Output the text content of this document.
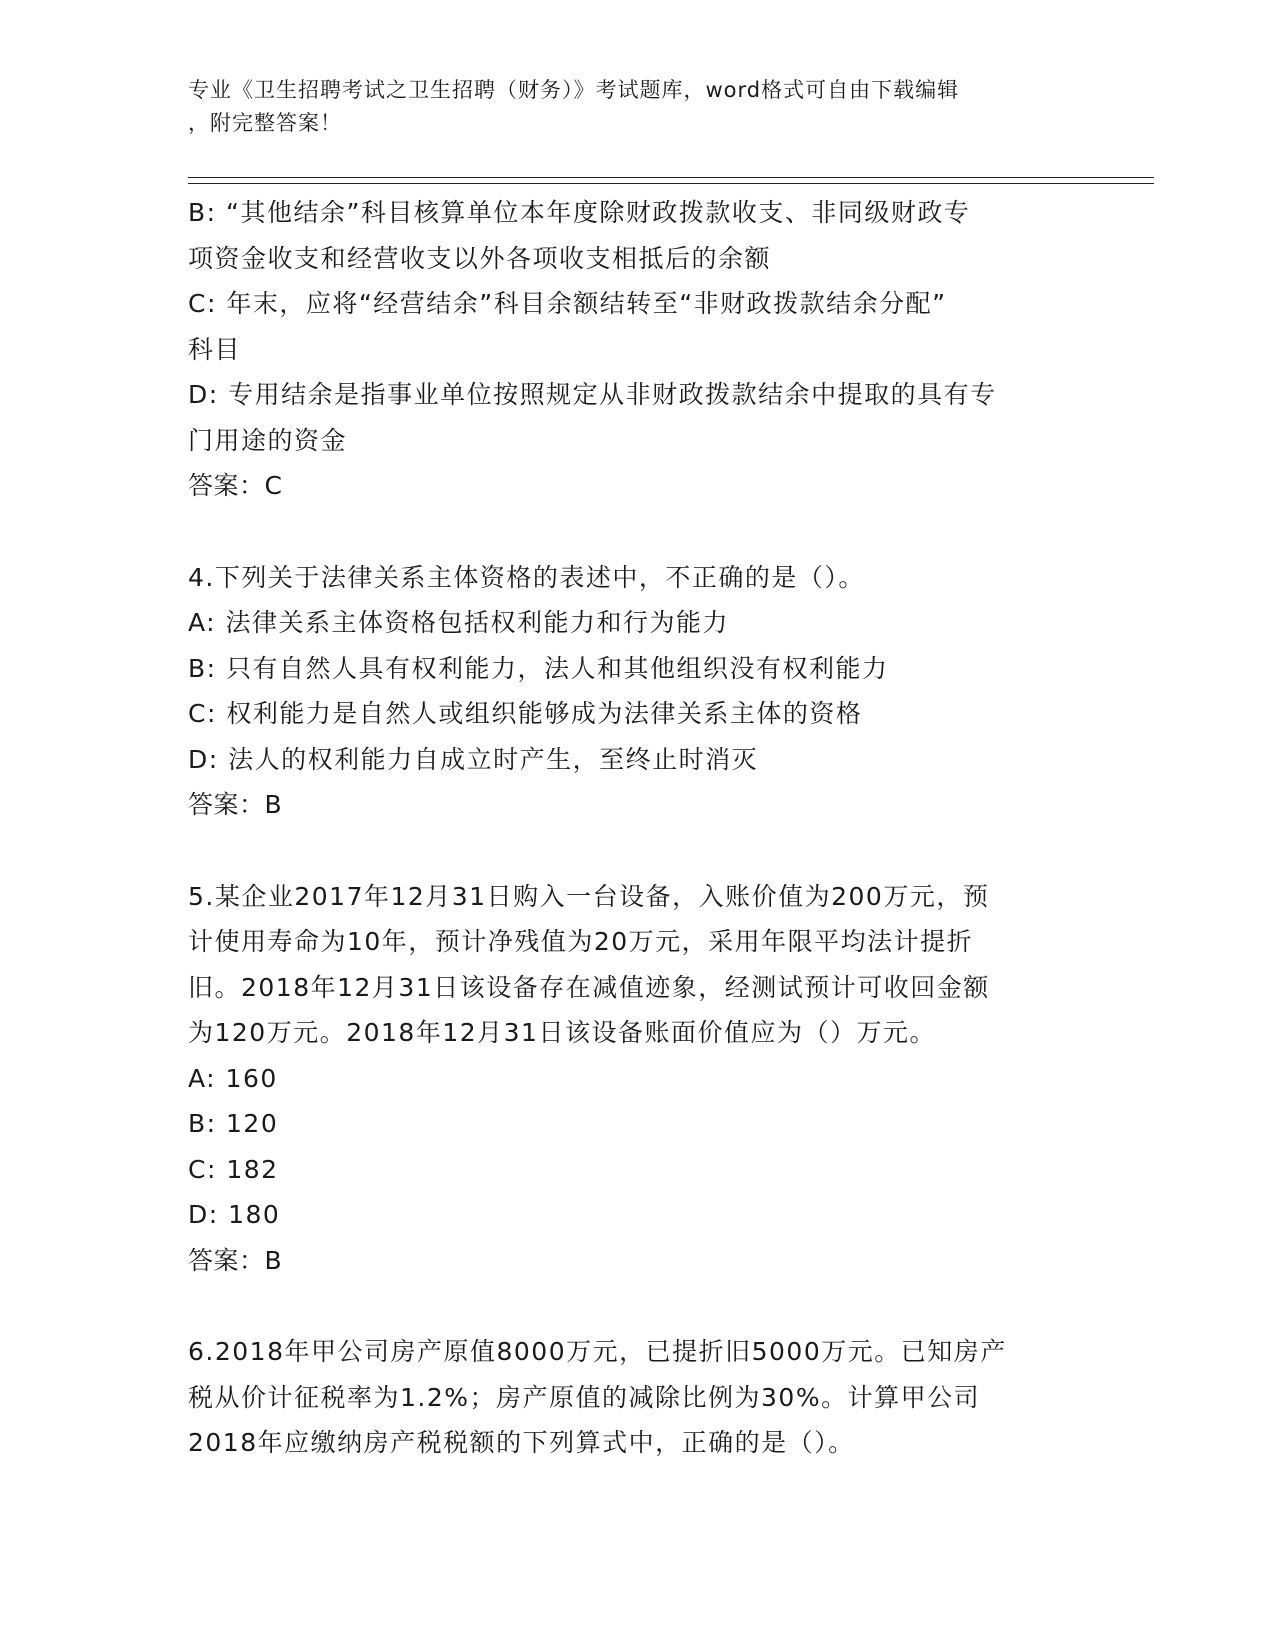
专业《卫生招聘考试之卫生招聘（财务）》考试题库，word格式可自由下载编辑
，附完整答案！
B: “其他结余”科目核算单位本年度除财政拨款收支、非同级财政专
项资金收支和经营收支以外各项收支相抵后的余额
C: 年末，应将“经营结余”科目余额结转至“非财政拨款结余分配”
科目
D: 专用结余是指事业单位按照规定从非财政拨款结余中提取的具有专
门用途的资金
答案：C
4.下列关于法律关系主体资格的表述中，不正确的是（）。
A: 法律关系主体资格包括权利能力和行为能力
B: 只有自然人具有权利能力，法人和其他组织没有权利能力
C: 权利能力是自然人或组织能够成为法律关系主体的资格
D: 法人的权利能力自成立时产生，至终止时消灭
答案：B
5.某企业2017年12月31日购入一台设备，入账价值为200万元，预
计使用寿命为10年，预计净残值为20万元，采用年限平均法计提折
旧。2018年12月31日该设备存在减值迹象，经测试预计可收回金额
为120万元。2018年12月31日该设备账面价值应为（）万元。
A: 160
B: 120
C: 182
D: 180
答案：B
6.2018年甲公司房产原值8000万元，已提折旧5000万元。已知房产
税从价计征税率为1.2%；房产原值的减除比例为30%。计算甲公司
2018年应缴纳房产税税额的下列算式中，正确的是（）。
